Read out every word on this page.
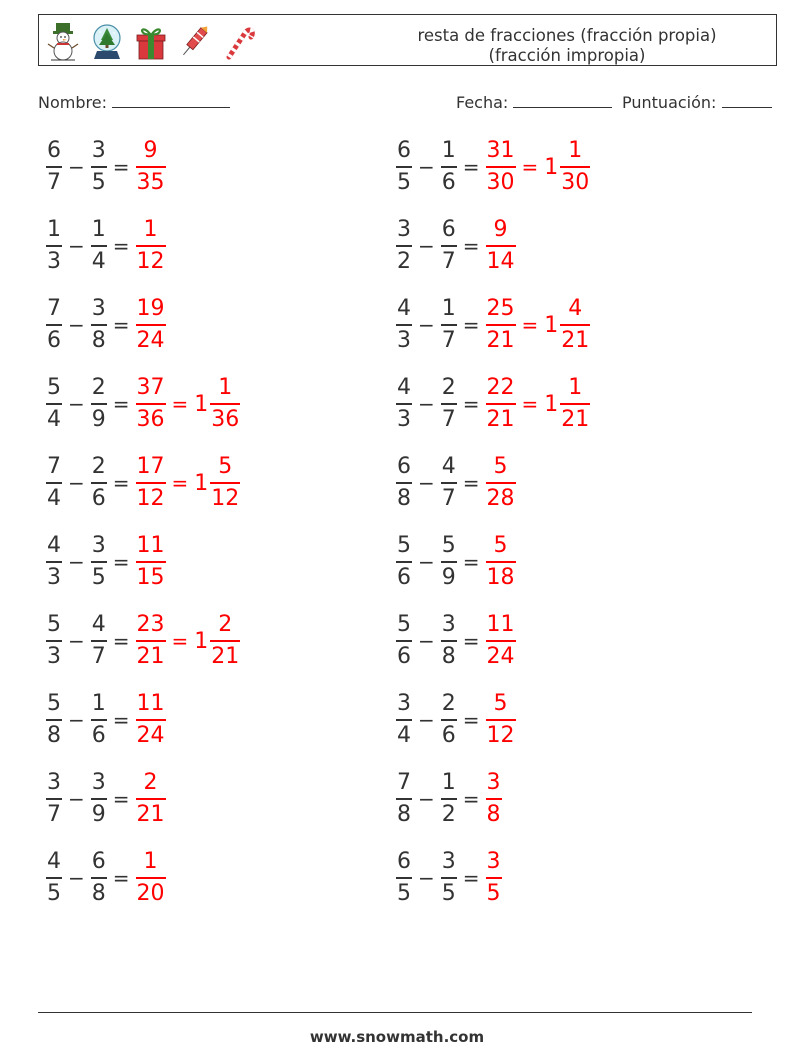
resta de fracciones (fracción propia)
(fracción impropia)
Nombre:	Fecha:	Puntuación:
$\frac{6}{7} - \frac{3}{5} = \frac{9}{35}$
$\frac{1}{3} - \frac{1}{4} = \frac{1}{12}$
$\frac{7}{6} - \frac{3}{8} = \frac{19}{24}$
$\frac{5}{4} - \frac{2}{9} = \frac{37}{36} = 1 \frac{1}{36}$
$\frac{7}{4} - \frac{2}{6} = \frac{17}{12} = 1 \frac{5}{12}$
$\frac{4}{3} - \frac{3}{5} = \frac{11}{15}$
$\frac{5}{3} - \frac{4}{7} = \frac{23}{21} = 1 \frac{2}{21}$
$\frac{5}{8} - \frac{1}{6} = \frac{11}{24}$
$\frac{3}{7} - \frac{3}{9} = \frac{2}{21}$
$\frac{4}{5} - \frac{6}{8} = \frac{1}{20}$
$\frac{6}{5} - \frac{1}{6} = \frac{31}{30} = 1 \frac{1}{30}$
$\frac{3}{2} - \frac{6}{7} = \frac{9}{14}$
$\frac{4}{3} - \frac{1}{7} = \frac{25}{21} = 1 \frac{4}{21}$
$\frac{4}{3} - \frac{2}{7} = \frac{22}{21} = 1 \frac{1}{21}$
$\frac{6}{8} - \frac{4}{7} = \frac{5}{28}$
$\frac{5}{6} - \frac{5}{9} = \frac{5}{18}$
$\frac{5}{6} - \frac{3}{8} = \frac{11}{24}$
$\frac{3}{4} - \frac{2}{6} = \frac{5}{12}$
$\frac{7}{8} - \frac{1}{2} = \frac{3}{8}$
$\frac{6}{5} - \frac{3}{5} = \frac{3}{5}$
www.snowmath.com
